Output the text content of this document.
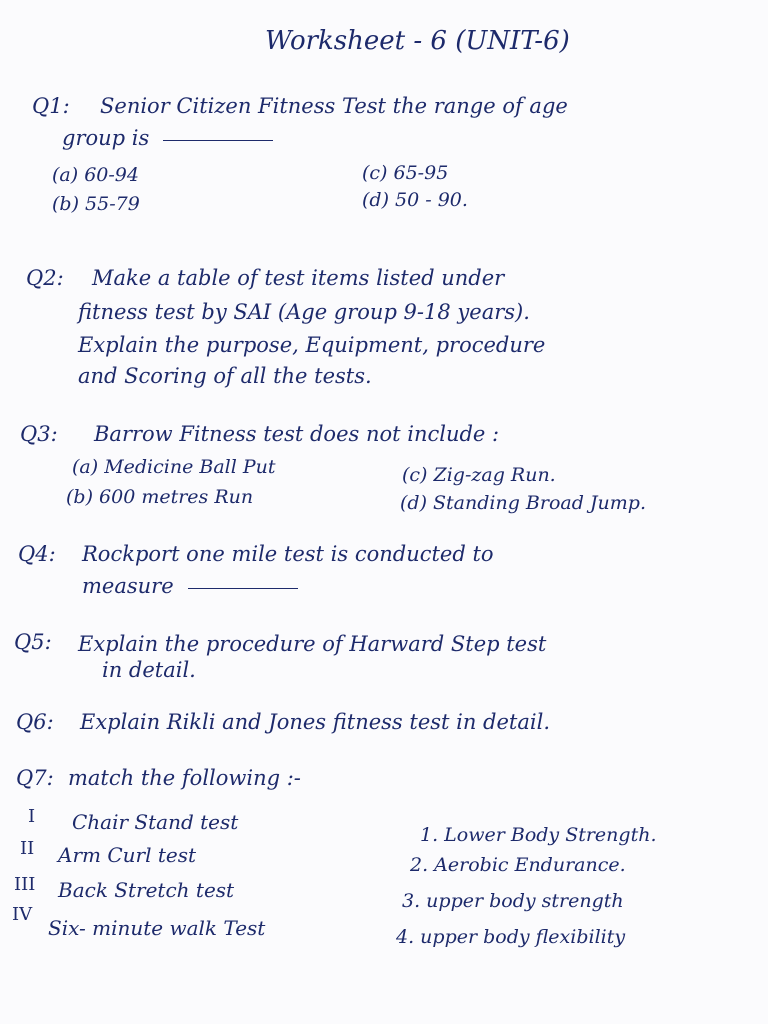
Worksheet - 6 (UNIT-6)
Q1: Senior Citizen Fitness Test the range of age
group is
(a) 60-94
(b) 55-79
(c) 65-95
(d) 50 - 90.
Q2: Make a table of test items listed under
fitness test by SAI (Age group 9-18 years).
Explain the purpose, Equipment, procedure
and Scoring of all the tests.
Q3: Barrow Fitness test does not include :
(a) Medicine Ball Put
(b) 600 metres Run
(c) Zig-zag Run.
(d) Standing Broad Jump.
Q4: Rockport one mile test is conducted to
measure
Q5: Explain the procedure of Harward Step test
in detail.
Q6: Explain Rikli and Jones fitness test in detail.
Q7: match the following :-
I Chair Stand test
II Arm Curl test
III Back Stretch test
IV
Six- minute walk Test
1. Lower Body Strength.
2. Aerobic Endurance.
3. upper body strength
4. upper body flexibility
